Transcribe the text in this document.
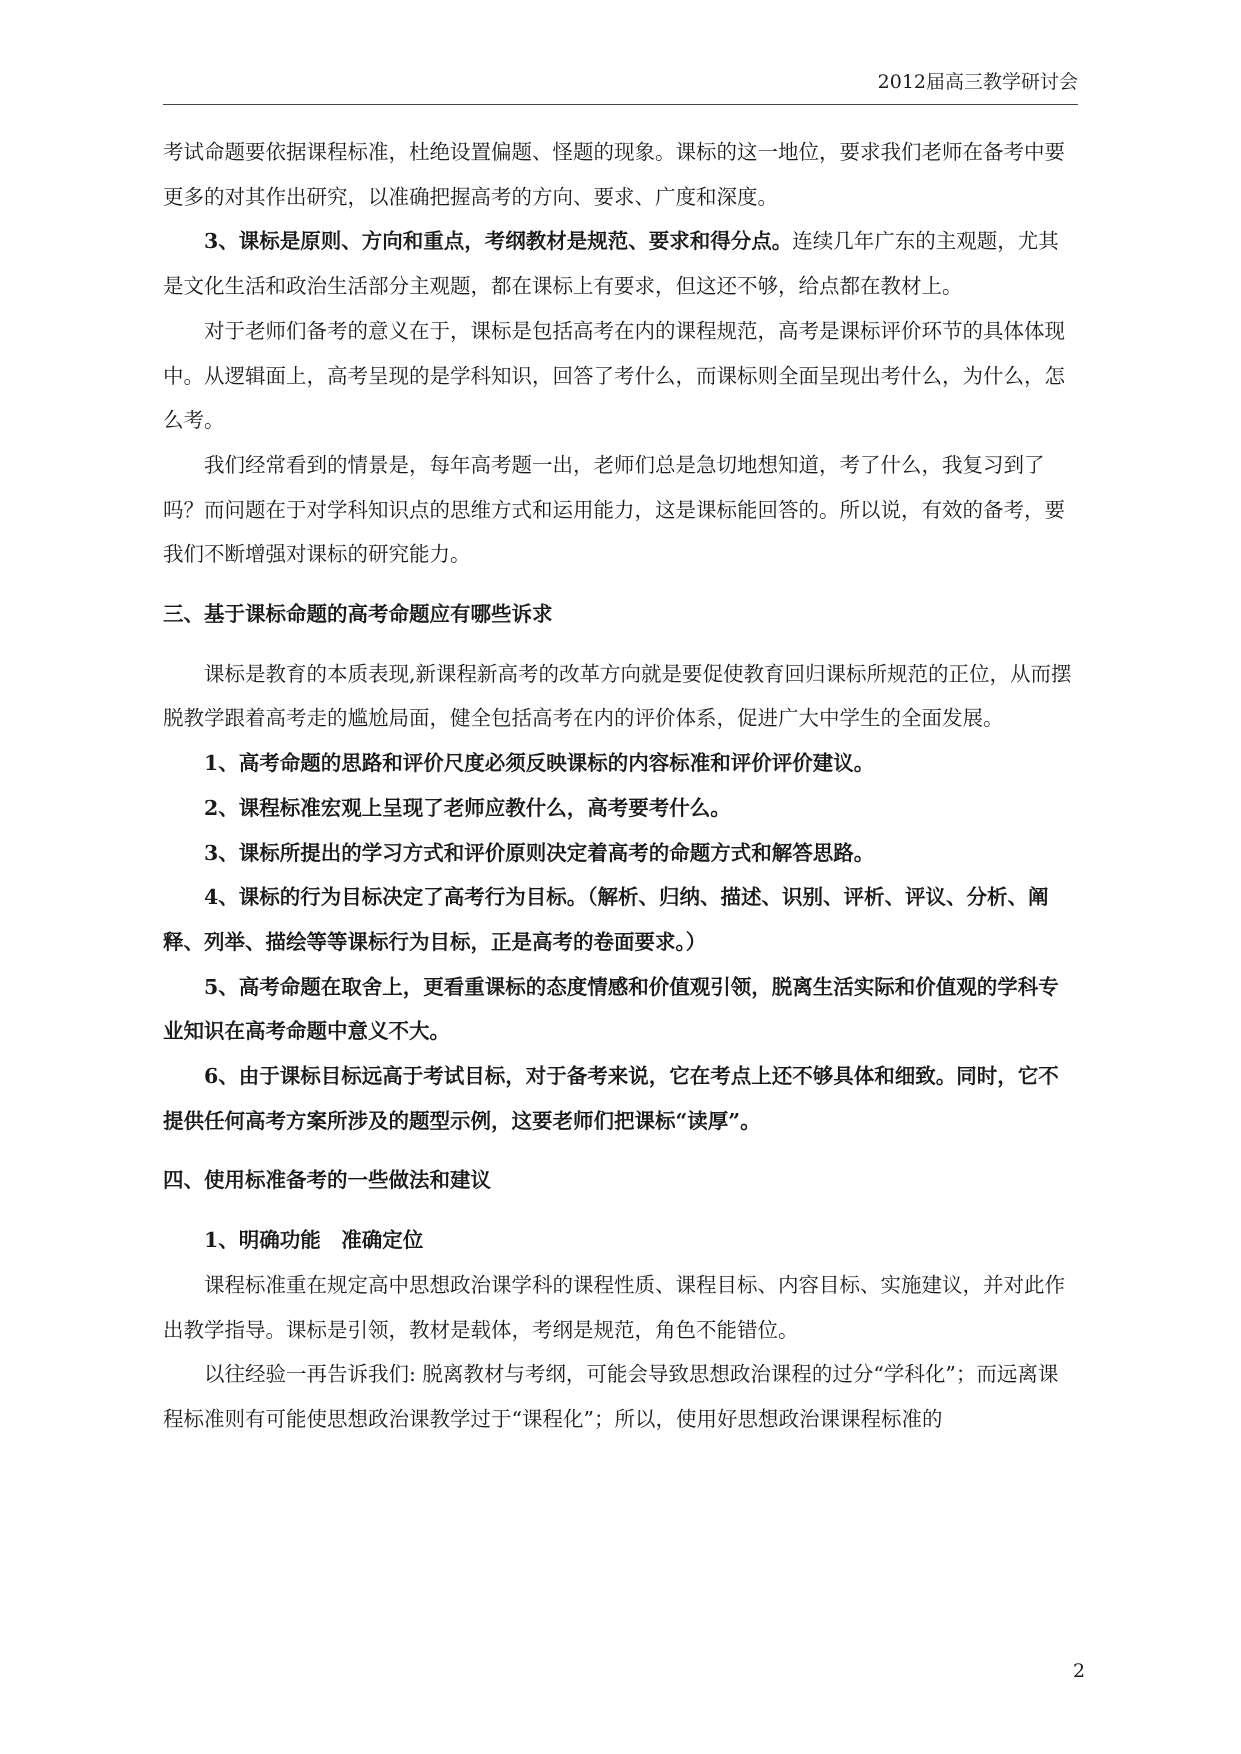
2012届高三教学研讨会

考试命题要依据课程标准，杜绝设置偏题、怪题的现象。课标的这一地位，要求我们老师在备考中要更多的对其作出研究，以准确把握高考的方向、要求、广度和深度。

3、课标是原则、方向和重点，考纲教材是规范、要求和得分点。连续几年广东的主观题，尤其是文化生活和政治生活部分主观题，都在课标上有要求，但这还不够，给点都在教材上。

对于老师们备考的意义在于，课标是包括高考在内的课程规范，高考是课标评价环节的具体体现中。从逻辑面上，高考呈现的是学科知识，回答了考什么，而课标则全面呈现出考什么，为什么，怎么考。

我们经常看到的情景是，每年高考题一出，老师们总是急切地想知道，考了什么，我复习到了吗？而问题在于对学科知识点的思维方式和运用能力，这是课标能回答的。所以说，有效的备考，要我们不断增强对课标的研究能力。

三、基于课标命题的高考命题应有哪些诉求

课标是教育的本质表现,新课程新高考的改革方向就是要促使教育回归课标所规范的正位，从而摆脱教学跟着高考走的尴尬局面，健全包括高考在内的评价体系，促进广大中学生的全面发展。

1、高考命题的思路和评价尺度必须反映课标的内容标准和评价评价建议。

2、课程标准宏观上呈现了老师应教什么，高考要考什么。

3、课标所提出的学习方式和评价原则决定着高考的命题方式和解答思路。

4、课标的行为目标决定了高考行为目标。（解析、归纳、描述、识别、评析、评议、分析、阐释、列举、描绘等等课标行为目标，正是高考的卷面要求。）

5、高考命题在取舍上，更看重课标的态度情感和价值观引领，脱离生活实际和价值观的学科专业知识在高考命题中意义不大。

6、由于课标目标远高于考试目标，对于备考来说，它在考点上还不够具体和细致。同时，它不提供任何高考方案所涉及的题型示例，这要老师们把课标“读厚”。

四、使用标准备考的一些做法和建议

1、明确功能　准确定位

课程标准重在规定高中思想政治课学科的课程性质、课程目标、内容目标、实施建议，并对此作出教学指导。课标是引领，教材是载体，考纲是规范，角色不能错位。

以往经验一再告诉我们: 脱离教材与考纲，可能会导致思想政治课程的过分“学科化”；而远离课程标准则有可能使思想政治课教学过于“课程化”；所以，使用好思想政治课课程标准的

2
